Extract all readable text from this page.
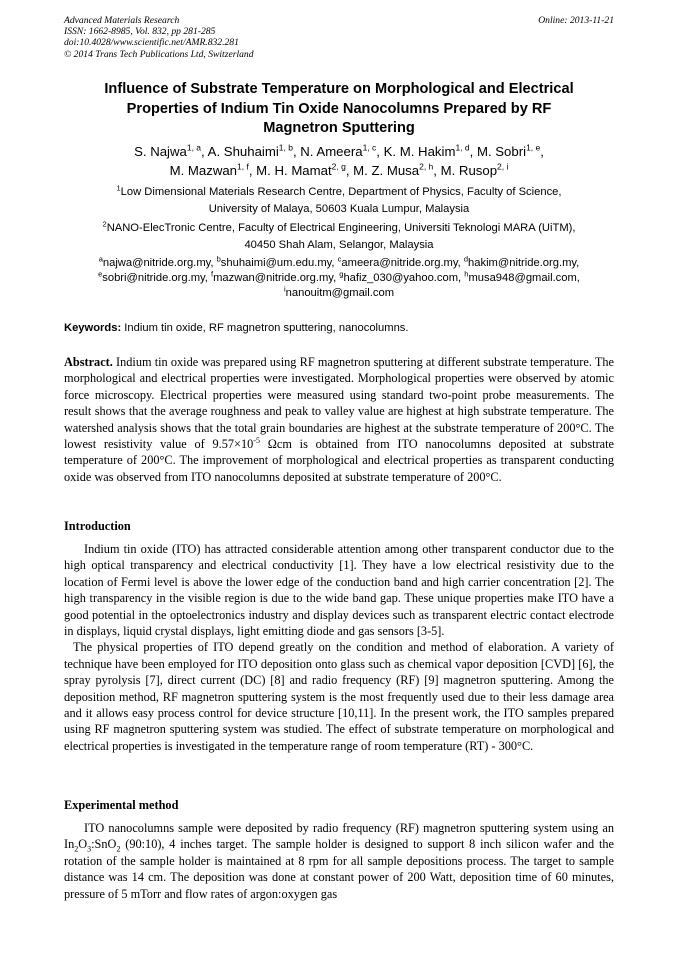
Advanced Materials Research
ISSN: 1662-8985, Vol. 832, pp 281-285
doi:10.4028/www.scientific.net/AMR.832.281
© 2014 Trans Tech Publications Ltd, Switzerland
Online: 2013-11-21
Influence of Substrate Temperature on Morphological and Electrical
Properties of Indium Tin Oxide Nanocolumns Prepared by RF
Magnetron Sputtering
S. Najwa$^{1, a}$, A. Shuhaimi$^{1, b}$, N. Ameera$^{1, c}$, K. M. Hakim$^{1, d}$, M. Sobri$^{1, e}$,
M. Mazwan$^{1, f}$, M. H. Mamat$^{2, g}$, M. Z. Musa$^{2, h}$, M. Rusop$^{2, i}$
$^1$Low Dimensional Materials Research Centre, Department of Physics, Faculty of Science,
University of Malaya, 50603 Kuala Lumpur, Malaysia
$^2$NANO-ElecTronic Centre, Faculty of Electrical Engineering, Universiti Teknologi MARA (UiTM),
40450 Shah Alam, Selangor, Malaysia
$^a$najwa@nitride.org.my, $^b$shuhaimi@um.edu.my, $^c$ameera@nitride.org.my, $^d$hakim@nitride.org.my,
$^e$sobri@nitride.org.my, $^f$mazwan@nitride.org.my, $^g$hafiz_030@yahoo.com, $^h$musa948@gmail.com,
$^i$nanouitm@gmail.com
Keywords: Indium tin oxide, RF magnetron sputtering, nanocolumns.
Abstract. Indium tin oxide was prepared using RF magnetron sputtering at different substrate temperature. The morphological and electrical properties were investigated. Morphological properties were observed by atomic force microscopy. Electrical properties were measured using standard two-point probe measurements. The result shows that the average roughness and peak to valley value are highest at high substrate temperature. The watershed analysis shows that the total grain boundaries are highest at the substrate temperature of 200°C. The lowest resistivity value of $9.57\times 10^{-5}$ Ωcm is obtained from ITO nanocolumns deposited at substrate temperature of 200°C. The improvement of morphological and electrical properties as transparent conducting oxide was observed from ITO nanocolumns deposited at substrate temperature of 200°C.
Introduction

Indium tin oxide (ITO) has attracted considerable attention among other transparent conductor due to the high optical transparency and electrical conductivity [1]. They have a low electrical resistivity due to the location of Fermi level is above the lower edge of the conduction band and high carrier concentration [2]. The high transparency in the visible region is due to the wide band gap. These unique properties make ITO have a good potential in the optoelectronics industry and display devices such as transparent electric contact electrode in displays, liquid crystal displays, light emitting diode and gas sensors [3-5].

The physical properties of ITO depend greatly on the condition and method of elaboration. A variety of technique have been employed for ITO deposition onto glass such as chemical vapor deposition [CVD] [6], the spray pyrolysis [7], direct current (DC) [8] and radio frequency (RF) [9] magnetron sputtering. Among the deposition method, RF magnetron sputtering system is the most frequently used due to their less damage area and it allows easy process control for device structure [10,11]. In the present work, the ITO samples prepared using RF magnetron sputtering system was studied. The effect of substrate temperature on morphological and electrical properties is investigated in the temperature range of room temperature (RT) - 300°C.

Experimental method

ITO nanocolumns sample were deposited by radio frequency (RF) magnetron sputtering system using an $In_2O_3:SnO_2$ (90:10), 4 inches target. The sample holder is designed to support 8 inch silicon wafer and the rotation of the sample holder is maintained at 8 rpm for all sample depositions process. The target to sample distance was 14 cm. The deposition was done at constant power of 200 Watt, deposition time of 60 minutes, pressure of 5 mTorr and flow rates of argon:oxygen gas
